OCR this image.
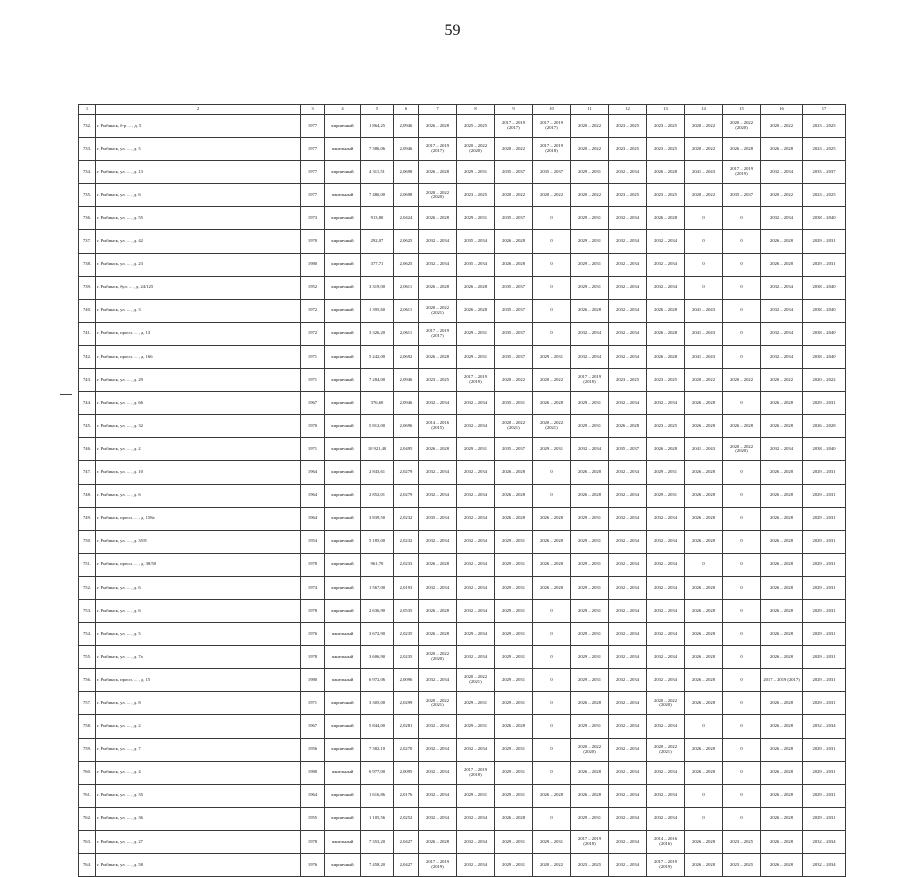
59
1	2	3	4	5	6	7	8	9	10	11	12	13	14	15	16	17
732.	г. Рыбинск, б-р ... , д. 5	1977	кирпичный	1 864,25	2,0946	2026 – 2028	2025 – 2025	2017 – 2019 (2017)	2017 – 2019 (2017)	2020 – 2022	2023 – 2025	2023 – 2025	2020 – 2022	2020 – 2022 (2020)	2020 – 2022	2023 – 2025
733.	г. Рыбинск, ул. ... , д. 5	1977	панельный	7 386,06	2,0946	2017 – 2019 (2017)	2020 – 2022 (2020)	2020 – 2022	2017 – 2019 (2018)	2020 – 2022	2023 – 2025	2023 – 2025	2020 – 2022	2026 – 2028	2026 – 2028	2023 – 2025
734.	г. Рыбинск, ул. ... , д. 13	1977	кирпичный	4 311,51	2,0698	2026 – 2028	2029 – 2031	2035 – 2037	2035 – 2037	2029 – 2031	2032 – 2034	2026 – 2028	2041 – 2043	2017 – 2019 (2019)	2032 – 2034	2035 – 2037
735.	г. Рыбинск, ул. ... , д. 6	1977	панельный	7 486,00	2,0698	2020 – 2022 (2020)	2023 – 2025	2020 – 2022	2020 – 2022	2020 – 2022	2023 – 2025	2023 – 2025	2020 – 2022	2035 – 2037	2020 – 2022	2023 – 2025
736.	г. Рыбинск, ул. ... , д. 55	1973	кирпичный	913,80	2,0424	2026 – 2028	2029 – 2031	2035 – 2037	0	2029 – 2031	2032 – 2034	2026 – 2028	0	0	2032 – 2034	2038 – 2040
737.	г. Рыбинск, ул. ... , д. 42	1970	кирпичный	292,07	2,0625	2032 – 2034	2035 – 2034	2026 – 2028	0	2029 – 2031	2032 – 2034	2032 – 2034	0	0	2026 – 2028	2029 – 2031
738.	г. Рыбинск, ул. ... , д. 23	1980	кирпичный	377,71	2,0625	2032 – 2034	2035 – 2034	2026 – 2028	0	2029 – 2031	2032 – 2034	2032 – 2034	0	0	2026 – 2028	2029 – 2031
739.	г. Рыбинск, бул. ... , д. 24/125	1952	кирпичный	3 319,00	2,0611	2026 – 2028	2026 – 2028	2035 – 2037	0	2029 – 2031	2032 – 2034	2032 – 2034	0	0	2032 – 2034	2038 – 2040
740.	г. Рыбинск, ул. ... , д. 3	1972	кирпичный	1 395,60	2,0611	2020 – 2022 (2021)	2026 – 2028	2035 – 2037	0	2026 – 2028	2032 – 2034	2026 – 2028	2041 – 2043	0	2032 – 2034	2038 – 2040
741.	г. Рыбинск, просп. ... , д. 13	1972	кирпичный	3 326,20	2,0611	2017 – 2019 (2017)	2029 – 2031	2035 – 2037	0	2032 – 2034	2032 – 2034	2026 – 2028	2041 – 2043	0	2032 – 2034	2038 – 2040
742.	г. Рыбинск, просп. ... , д. 166	1971	кирпичный	5 242,00	2,0692	2026 – 2028	2029 – 2031	2035 – 2037	2029 – 2031	2032 – 2034	2032 – 2034	2026 – 2028	2041 – 2043	0	2032 – 2034	2038 – 2040
743.	г. Рыбинск, ул. ... , д. 29	1971	кирпичный	7 284,00	2,0946	2023 – 2025	2017 – 2019 (2019)	2020 – 2022	2020 – 2022	2017 – 2019 (2018)	2023 – 2025	2023 – 2025	2020 – 2022	2020 – 2022	2020 – 2022	2020 – 2022
744.	г. Рыбинск, ул. ... , д. 66	1967	кирпичный	376,60	2,0946	2032 – 2034	2032 – 2034	2035 – 2031	2026 – 2028	2029 – 2031	2032 – 2034	2032 – 2034	2026 – 2028	0	2026 – 2028	2029 – 2031
745.	г. Рыбинск, ул. ... , д. 32	1970	кирпичный	5 812,00	2,0696	2014 – 2016 (2015)	2032 – 2034	2020 – 2022 (2021)	2020 – 2022 (2021)	2029 – 2031	2026 – 2028	2023 – 2025	2026 – 2028	2026 – 2028	2026 – 2028	2026 – 2028
746.	г. Рыбинск, ул. ... , д. 2	1971	кирпичный	10 921,40	2,0495	2026 – 2028	2029 – 2031	2035 – 2037	2029 – 2031	2032 – 2034	2035 – 2037	2026 – 2028	2041 – 2043	2020 – 2022 (2020)	2032 – 2034	2038 – 2040
747.	г. Рыбинск, ул. ... , д. 10	1964	кирпичный	2 843,61	2,0279	2032 – 2034	2032 – 2034	2026 – 2028	0	2026 – 2028	2032 – 2034	2029 – 2031	2026 – 2028	0	2026 – 2028	2029 – 2031
748.	г. Рыбинск, ул. ... , д. 6	1964	кирпичный	2 852,01	2,0279	2032 – 2034	2032 – 2034	2026 – 2028	0	2026 – 2028	2032 – 2034	2029 – 2031	2026 – 2028	0	2026 – 2028	2029 – 2031
749.	г. Рыбинск, просп. ... , д. 158а	1964	кирпичный	3 839,50	2,0232	2035 – 2034	2032 – 2034	2026 – 2028	2026 – 2028	2029 – 2031	2032 – 2034	2032 – 2034	2026 – 2028	0	2026 – 2028	2029 – 2031
750.	г. Рыбинск, ул. ... , д. 35/8	1954	кирпичный	5 185,00	2,0232	2032 – 2034	2032 – 2034	2029 – 2031	2026 – 2028	2029 – 2031	2032 – 2034	2032 – 2034	2026 – 2028	0	2026 – 2028	2029 – 2031
751.	г. Рыбинск, просп. ... , д. 38/50	1978	кирпичный	961,70	2,0233	2026 – 2028	2032 – 2034	2029 – 2031	2026 – 2028	2029 – 2031	2032 – 2034	2032 – 2034	0	0	2026 – 2028	2029 – 2031
752.	г. Рыбинск, ул. ... , д. 6	1974	кирпичный	1 567,00	2,0193	2032 – 2034	2032 – 2034	2029 – 2031	2026 – 2028	2029 – 2031	2032 – 2034	2032 – 2034	2026 – 2028	0	2026 – 2028	2029 – 2031
753.	г. Рыбинск, ул. ... , д. 6	1978	кирпичный	2 636,90	2,0535	2026 – 2028	2032 – 2034	2029 – 2031	0	2029 – 2031	2032 – 2034	2032 – 2034	2026 – 2028	0	2026 – 2028	2029 – 2031
754.	г. Рыбинск, ул. ... , д. 5	1976	панельный	3 672,90	2,0235	2026 – 2028	2029 – 2034	2029 – 2031	0	2029 – 2031	2032 – 2034	2032 – 2034	2026 – 2028	0	2026 – 2028	2029 – 2031
755.	г. Рыбинск, ул. ... , д. 7а	1978	панельный	3 606,90	2,0235	2020 – 2022 (2020)	2032 – 2034	2029 – 2031	0	2029 – 2031	2032 – 2034	2032 – 2034	2026 – 2028	0	2026 – 2028	2029 – 2031
756.	г. Рыбинск, просп. ... , д. 15	1980	панельный	6 972,06	2,0096	2032 – 2034	2020 – 2022 (2021)	2029 – 2031	0	2029 – 2031	2032 – 2034	2032 – 2034	2026 – 2028	0	2017 – 2019 (2017)	2029 – 2031
757.	г. Рыбинск, ул. ... , д. 8	1971	кирпичный	3 305,00	2,0299	2020 – 2022 (2021)	2029 – 2031	2029 – 2031	0	2026 – 2028	2032 – 2034	2020 – 2022 (2020)	2026 – 2028	0	2026 – 2028	2029 – 2031
758.	г. Рыбинск, ул. ... , д. 2	1967	кирпичный	5 844,00	2,0281	2032 – 2034	2029 – 2031	2026 – 2028	0	2029 – 2031	2032 – 2034	2032 – 2034	0	0	2026 – 2028	2032 – 2034
759.	г. Рыбинск, ул. ... , д. 7	1956	кирпичный	7 382,10	2,0270	2032 – 2034	2032 – 2034	2029 – 2031	0	2020 – 2022 (2020)	2032 – 2034	2020 – 2022 (2021)	2026 – 2028	0	2026 – 2028	2029 – 2031
760.	г. Рыбинск, ул. ... , д. 4	1980	панельный	6 977,00	2,0095	2032 – 2034	2017 – 2019 (2018)	2029 – 2031	0	2026 – 2028	2032 – 2034	2032 – 2034	2026 – 2028	0	2026 – 2028	2029 – 2031
761.	г. Рыбинск, ул. ... , д. 35	1964	кирпичный	1 616,86	2,0176	2032 – 2034	2029 – 2031	2029 – 2031	2026 – 2028	2026 – 2028	2032 – 2034	2032 – 2034	0	0	2026 – 2028	2029 – 2031
762.	г. Рыбинск, ул. ... , д. 36	1955	кирпичный	1 105,56	2,0252	2032 – 2034	2032 – 2034	2026 – 2028	0	2029 – 2031	2032 – 2034	2032 – 2034	0	0	2026 – 2028	2029 – 2031
763.	г. Рыбинск, ул. ... , д. 27	1978	панельный	7 353,20	2,0427	2026 – 2028	2032 – 2034	2029 – 2031	2029 – 2031	2017 – 2019 (2018)	2032 – 2034	2014 – 2016 (2016)	2026 – 2028	2023 – 2025	2026 – 2028	2032 – 2034
764.	г. Рыбинск, ул. ... , д. 58	1976	кирпичный	7 458,20	2,0427	2017 – 2019 (2019)	2032 – 2034	2029 – 2031	2020 – 2022	2023 – 2025	2032 – 2034	2017 – 2019 (2019)	2026 – 2028	2023 – 2025	2026 – 2028	2032 – 2034
